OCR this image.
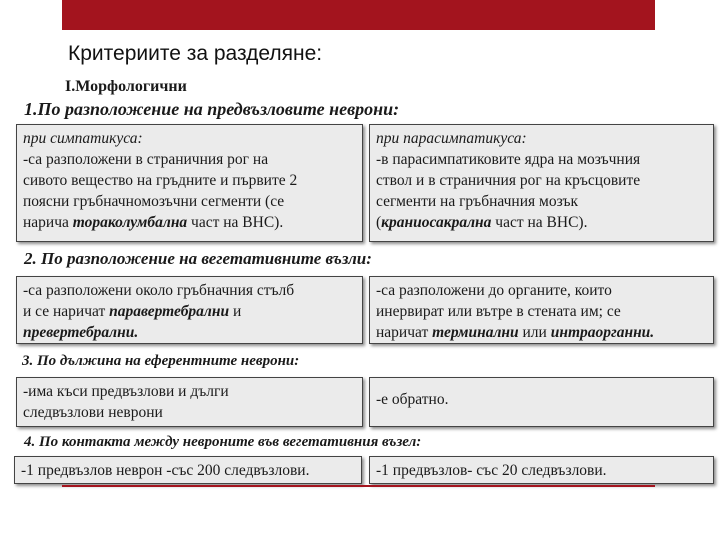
Критериите за разделяне:
I.Морфологични
1.По разположение на предвъзловите неврони:
при симпатикуса:
-са разположени в страничния рог на
сивото вещество на гръдните и първите 2
поясни гръбначномозъчни сегменти (се
нарича тораколумбална част на ВНС).
при парасимпатикуса:
-в парасимпатиковите ядра на мозъчния
ствол и в страничния рог на кръсцовите
сегменти на гръбначния мозък
(краниосакрална част на ВНС).
2. По разположение на вегетативните възли:
-са разположени около гръбначния стълб
и се наричат паравертебрални и
превертебрални.
-са разположени до органите, които
инервират или вътре в стената им; се
наричат терминални или интраорганни.
3. По дължина на еферентните неврони:
-има къси предвъзлови и дълги
следвъзлови неврони
-е обратно.
4. По контакта между невроните във вегетативния възел:
-1 предвъзлов неврон -със 200 следвъзлови.	-1 предвъзлов- със 20 следвъзлови.
